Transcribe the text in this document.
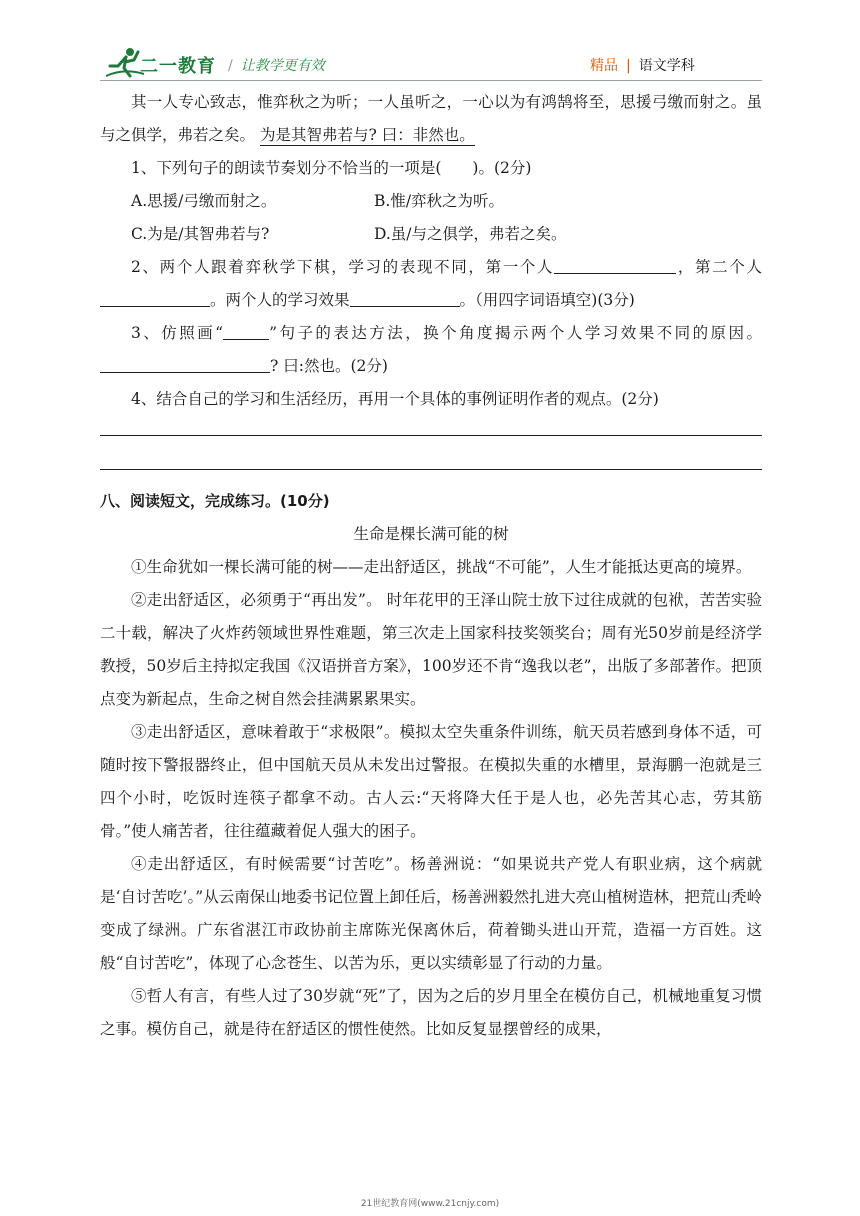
二一教育 / 让教学更有效	精品 | 语文学科

其一人专心致志，惟弈秋之为听；一人虽听之，一心以为有鸿鹄将至，思援弓缴而射之。虽与之俱学，弗若之矣。 为是其智弗若与? 曰：非然也。

1、下列句子的朗读节奏划分不恰当的一项是(　　)。(2分)

A.思援/弓缴而射之。	B.惟/弈秋之为听。

C.为是/其智弗若与?	D.虽/与之俱学，弗若之矣。

2、两个人跟着弈秋学下棋，学习的表现不同，第一个人	，第二个人。两个人的学习效果	。（用四字词语填空)(3分)

3、仿照画“	”句子的表达方法，换个角度揭示两个人学习效果不同的原因。? 曰:然也。(2分)

4、结合自己的学习和生活经历，再用一个具体的事例证明作者的观点。(2分)

八、阅读短文，完成练习。(10分)

生命是棵长满可能的树

①生命犹如一棵长满可能的树——走出舒适区，挑战“不可能”，人生才能抵达更高的境界。

②走出舒适区，必须勇于“再出发”。 时年花甲的王泽山院士放下过往成就的包袱，苦苦实验二十载，解决了火炸药领域世界性难题，第三次走上国家科技奖领奖台；周有光50岁前是经济学教授，50岁后主持拟定我国《汉语拼音方案》，100岁还不肯“逸我以老”，出版了多部著作。把顶点变为新起点，生命之树自然会挂满累累果实。

③走出舒适区，意味着敢于“求极限”。模拟太空失重条件训练，航天员若感到身体不适，可随时按下警报器终止，但中国航天员从未发出过警报。在模拟失重的水槽里，景海鹏一泡就是三四个小时，吃饭时连筷子都拿不动。古人云:“天将降大任于是人也，必先苦其心志，劳其筋骨。”使人痛苦者，往往蕴藏着促人强大的困子。

④走出舒适区，有时候需要“讨苦吃”。杨善洲说：“如果说共产党人有职业病，这个病就是‘自讨苦吃’。”从云南保山地委书记位置上卸任后，杨善洲毅然扎进大亮山植树造林，把荒山秃岭变成了绿洲。广东省湛江市政协前主席陈光保离休后，荷着锄头进山开荒，造福一方百姓。这般“自讨苦吃”，体现了心念苍生、以苦为乐，更以实绩彰显了行动的力量。

⑤哲人有言，有些人过了30岁就“死”了，因为之后的岁月里全在模仿自己，机械地重复习惯之事。模仿自己，就是待在舒适区的惯性使然。比如反复显摆曾经的成果，

21世纪教育网(www.21cnjy.com)
